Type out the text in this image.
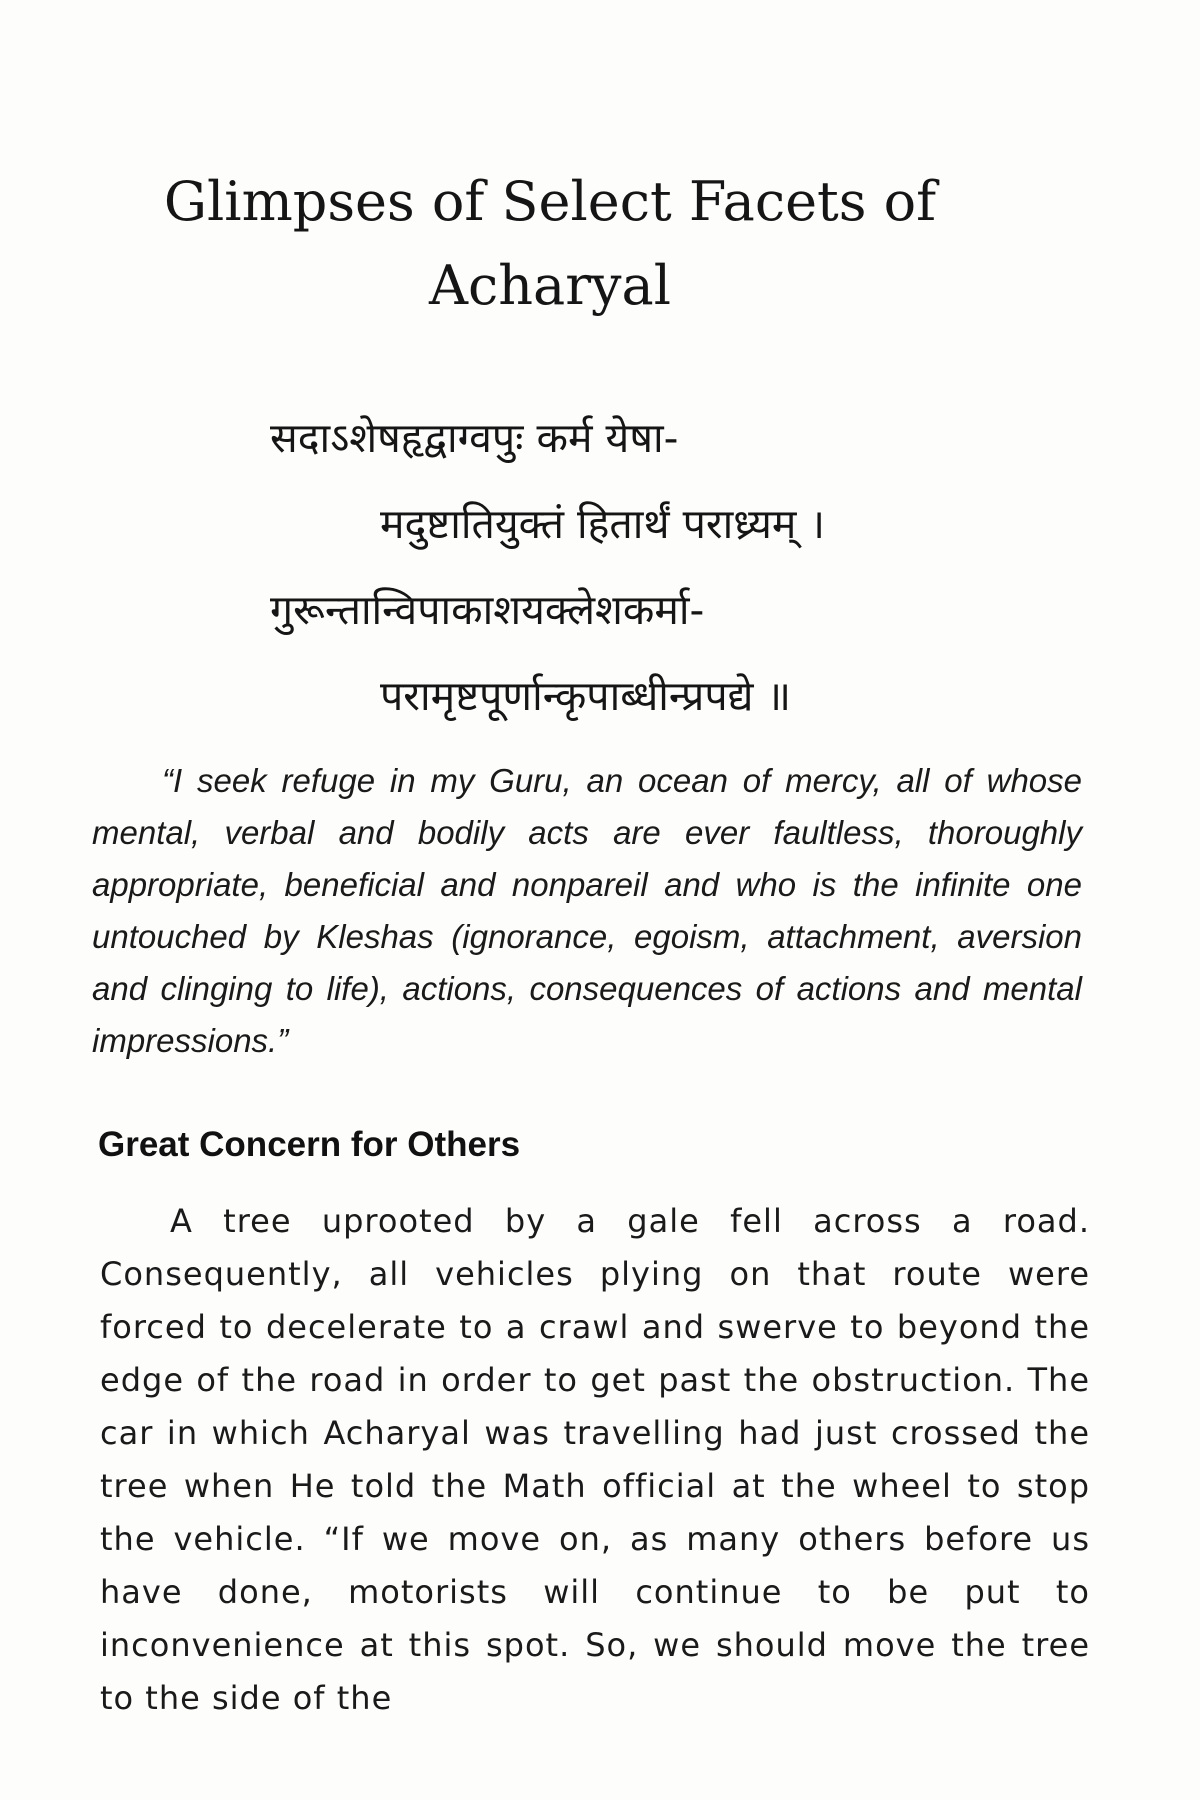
Glimpses of Select Facets of
Acharyal
सदाऽशेषहृद्वाग्वपुः कर्म येषा-
मदुष्टातियुक्तं हितार्थं पराध्र्यम् ।
गुरून्तान्विपाकाशयक्लेशकर्मा-
परामृष्टपूर्णान्कृपाब्धीन्प्रपद्ये ॥

“I seek refuge in my Guru, an ocean of mercy, all of whose mental, verbal and bodily acts are ever faultless, thoroughly appropriate, beneficial and nonpareil and who is the infinite one untouched by Kleshas (ignorance, egoism, attachment, aversion and clinging to life), actions, consequences of actions and mental impressions.”

Great Concern for Others

A tree uprooted by a gale fell across a road. Consequently, all vehicles plying on that route were forced to decelerate to a crawl and swerve to beyond the edge of the road in order to get past the obstruction. The car in which Acharyal was travelling had just crossed the tree when He told the Math official at the wheel to stop the vehicle. “If we move on, as many others before us have done, motorists will continue to be put to inconvenience at this spot. So, we should move the tree to the side of the
